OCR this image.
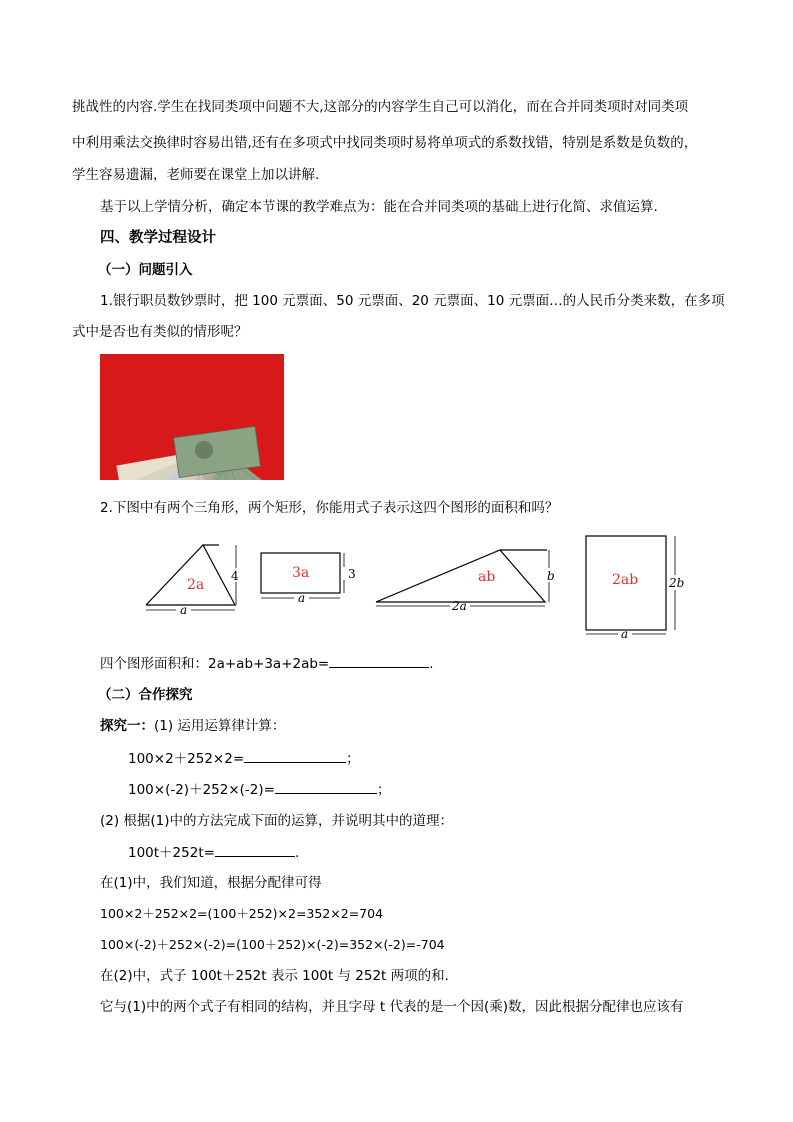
挑战性的内容.学生在找同类项中问题不大,这部分的内容学生自己可以消化，而在合并同类项时对同类项
中利用乘法交换律时容易出错,还有在多项式中找同类项时易将单项式的系数找错，特别是系数是负数的，
学生容易遗漏，老师要在课堂上加以讲解.
基于以上学情分析，确定本节课的教学难点为：能在合并同类项的基础上进行化简、求值运算.
四、教学过程设计
（一）问题引入
1.银行职员数钞票时，把 100 元票面、50 元票面、20 元票面、10 元票面…的人民币分类来数，在多项
式中是否也有类似的情形呢？
2.下图中有两个三角形，两个矩形，你能用式子表示这四个图形的面积和吗？
2a
4
a
3a	3
a
ab	b
2a
2ab	2b
a
四个图形面积和：2a+ab+3a+2ab=	.
（二）合作探究
探究一：(1) 运用运算律计算：
100×2＋252×2=	；
100×(-2)＋252×(-2)=	；
(2) 根据(1)中的方法完成下面的运算，并说明其中的道理：
100t＋252t=	.
在(1)中，我们知道，根据分配律可得
100×2＋252×2=(100＋252)×2=352×2=704
100×(-2)＋252×(-2)=(100＋252)×(-2)=352×(-2)=-704
在(2)中，式子 100t＋252t 表示 100t 与 252t 两项的和.
它与(1)中的两个式子有相同的结构，并且字母 t 代表的是一个因(乘)数，因此根据分配律也应该有
